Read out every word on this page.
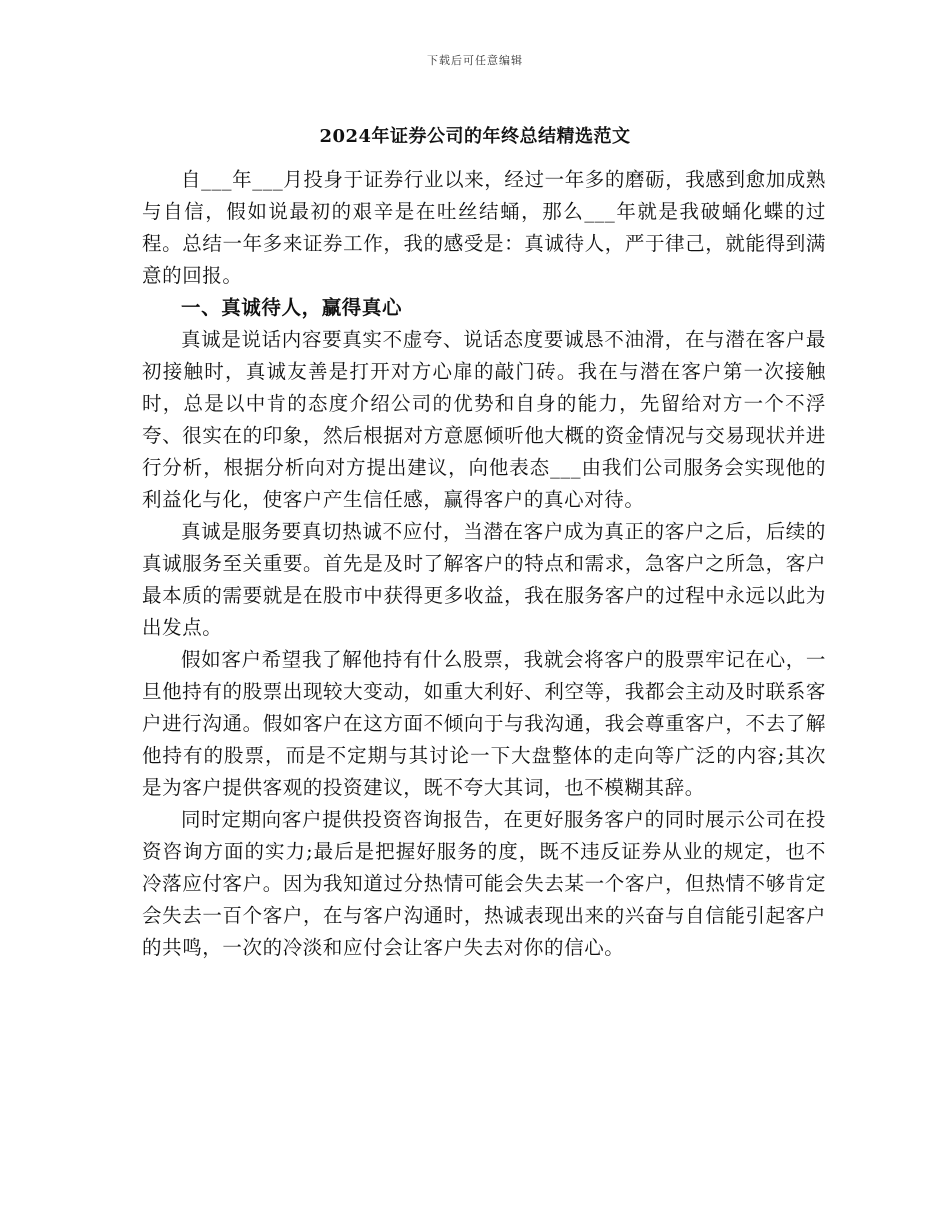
下载后可任意编辑
2024年证券公司的年终总结精选范文

自___年___月投身于证券行业以来，经过一年多的磨砺，我感到愈加成熟与自信，假如说最初的艰辛是在吐丝结蛹，那么___年就是我破蛹化蝶的过程。总结一年多来证券工作，我的感受是：真诚待人，严于律己，就能得到满意的回报。

一、真诚待人，赢得真心

真诚是说话内容要真实不虚夸、说话态度要诚恳不油滑，在与潜在客户最初接触时，真诚友善是打开对方心扉的敲门砖。我在与潜在客户第一次接触时，总是以中肯的态度介绍公司的优势和自身的能力，先留给对方一个不浮夸、很实在的印象，然后根据对方意愿倾听他大概的资金情况与交易现状并进行分析，根据分析向对方提出建议，向他表态___由我们公司服务会实现他的利益化与化，使客户产生信任感，赢得客户的真心对待。

真诚是服务要真切热诚不应付，当潜在客户成为真正的客户之后，后续的真诚服务至关重要。首先是及时了解客户的特点和需求，急客户之所急，客户最本质的需要就是在股市中获得更多收益，我在服务客户的过程中永远以此为出发点。

假如客户希望我了解他持有什么股票，我就会将客户的股票牢记在心，一旦他持有的股票出现较大变动，如重大利好、利空等，我都会主动及时联系客户进行沟通。假如客户在这方面不倾向于与我沟通，我会尊重客户，不去了解他持有的股票，而是不定期与其讨论一下大盘整体的走向等广泛的内容;其次是为客户提供客观的投资建议，既不夸大其词，也不模糊其辞。

同时定期向客户提供投资咨询报告，在更好服务客户的同时展示公司在投资咨询方面的实力;最后是把握好服务的度，既不违反证券从业的规定，也不冷落应付客户。因为我知道过分热情可能会失去某一个客户，但热情不够肯定会失去一百个客户，在与客户沟通时，热诚表现出来的兴奋与自信能引起客户的共鸣，一次的冷淡和应付会让客户失去对你的信心。
